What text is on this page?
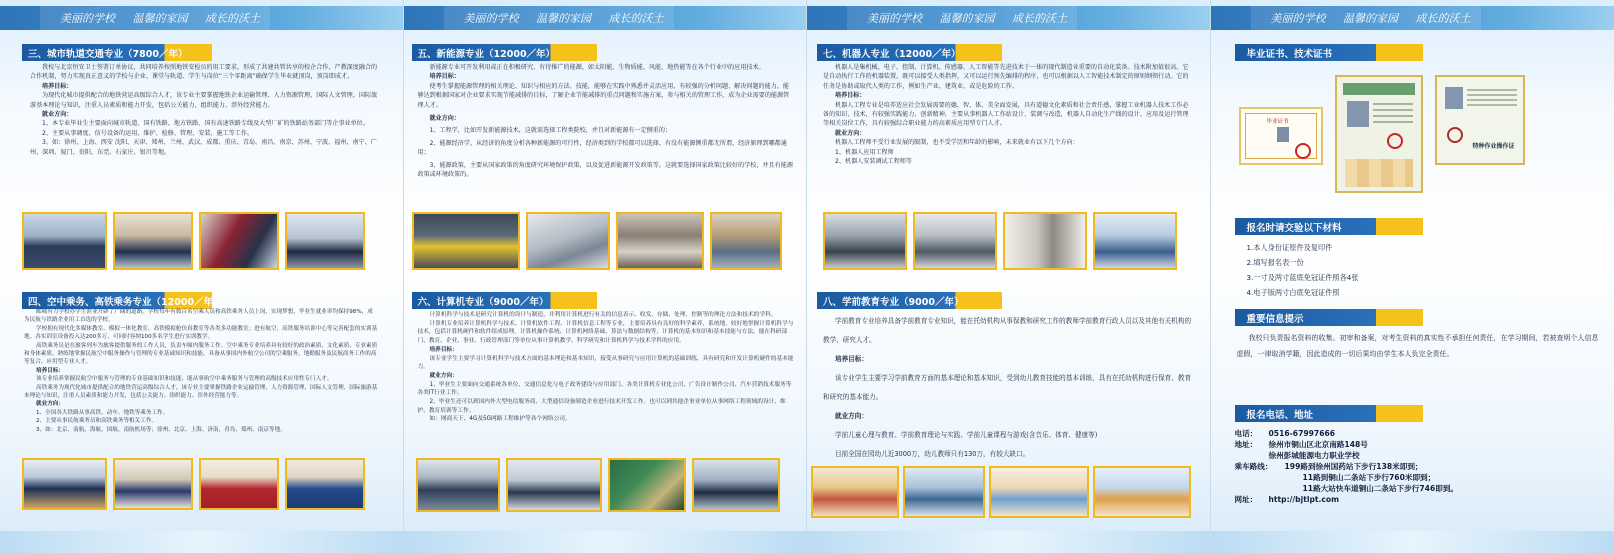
美丽的学校 温馨的家园 成长的沃土
三、城市轨道交通专业（7800／年）

我校与北京恒安卫士签署订单协议，共同培养按照地铁安检员的用工要求，形成了共建共管共享的校企合作，产教深度融合的合作机制，努力实现真正意义的学校与企业、课堂与轨道、学生与岗位“三个零距离”确保学生毕业就顶岗，顶岗即成才。

培养目标：

为现代化城市提供配合的地铁营运高级综合人才，该专业主要掌握地铁企业运输管理、人力资源管理、国际人文管理、国际旅游基本理论与知识，注重人员素质和能力开发，包括公关能力、组织能力、涉外经营能力。

就业方向：

1、本专业毕业生主要面向城市轨道、国有铁路、地方铁路、国有高速铁路专线及大型厂矿的铁路站务部门等企事业单位。

2、主要从事调度、信号设备的运用、维护、检修、管理、安装、施工等工作。

3、如：徐州、上海、西安 沈阳、天津、郑州、兰州、武汉、成都、重庆、青岛、南昌、南京、苏州、宁波、福州、南宁、广州、深圳、厦门、贵阳、东莞、石家庄、银川等地。

四、空中乘务、高铁乘务专业（12000／年）

邮城有力学校办学生涯业开辟了广阔的道路。学校每年有数百名空乘人员和高铁乘务人员上岗，实现梦想，毕业生就业率均保持98%，成为民航与铁路企业用工首选的学校。

学校拥有现代化多媒体教室、模拟一体化教室、高铁模拟舱仿真教室等各类多功能教室；进有航空、高铁服务培训中心等完善配套的实训基地。各实训室设备投入达200多万，可同时容纳100多名学生进行实训教学。

高铁乘务员是在旅客列车为旅客提供服务的工作人员，负责车厢内服务工作。空中乘务专业培养具有较好的政治素质、文化素质、专业素质和身体素质，熟练地掌握民航空中服务操作与管理的专业基础知识和技能，具备从事国内外航空公司的空乘服务、地勤服务及民航商务工作的高等复合、应用型专业人才。

培养目标：

该专业培养掌握民航空中服务与管理的专业基础知识和技能，能从事航空中乘务服务与管理的高级技术应用性专门人才。

高铁乘务为现代化城市提供配合的地铁营运高级综合人才，该专业主要掌握铁路企业运输管理、人力资源管理、国际人文管理、国际旅游基本理论与知识，注重人员素质和能力开发，包括公关能力、组织能力、涉外经营能力等。

就业方向：

1、全国各大铁路从事高铁、动车、地铁等乘务工作。

2、主要从事民航乘务员和高铁乘务等相关工作。

3、如：北京、南航、海航、国航、南航机场等；徐州、北京、上海、济南、青岛、郑州、南京等地。

美丽的学校 温馨的家园 成长的沃土
五、新能源专业（12000／年）

新能源专业可开发利用或正在积极研究、有待推广的能源，如太阳能、生物质能、风能、地热能等在各个行业中的应用技术。

培养目标：

使考生掌握能源管理的相关理论、知识与相应的方法、技能，能够在实践中熟悉并灵活应用，有较强的分析问题、解决问题的能力，能够达到根据国家对企业要求实现节能减排的目标，了解企业节能减排的重点问题和实施方案，参与相关的管理工作，成为企业需要的能源管理人才。

就业方向：

1、工程学，比如开发新能源技术，这就需选择工程类院校，并且对新能源有一定侧重的；

2、能源经济学，从经济的角度分析各种新能源的可行性，经济类到的学校都可以选择，有没有能源侧重都无所谓，经济原理到哪都通用；

3、能源政策，主要从国家政策的角度研究环境保护政策，以及促进新能源开发政策等，这就要选择国家政策比较好的学校，并且有能源政策或环境政策的。

六、计算机专业（9000／年）

计算机科学与技术是研究计算机的设计与制造，并利用计算机进行有关的信息表示、收发、存储、处理、控制等的理论方法和技术的学科。

计算机专业培养计算机科学与技术、计算机软件工程、计算机信息工程等专业，主要培养具有良好的科学素养，系统地、较好地掌握计算机科学与技术，包括计算机硬件和软件组成原理，计算机操作系统、计算机网络基础、算法与数据结构等，计算机的基本知识和基本技能与方法，能在科研部门、教育、企业、事业、行政管理部门等单位从事计算机教学、科学研究和计算机科学与技术学科的应用。

培养目标：

该专业学生主要学习计算机科学与技术方面的基本理论和基本知识，接受从事研究与应用计算机的基础训练，具有研究和开发计算机硬件的基本能力。

就业方向：

1、毕业生主要面向交通系统各单位、交通信息化与电子政务建设与应用部门、各类计算机专业化公司、广告设计制作公司、汽车营销技术服务等各类IT行业工作。

2、毕业生还可以到国内外大型电信服务商、大型通信设备制造企业进行技术开发工作。也可以到其他企事业单位从事网络工程领域的设计、维护、教育培训等工作。

如：网商天下、4G及5G网路工程维护等各个网络公司。

美丽的学校 温馨的家园 成长的沃土
七、机器人专业（12000／年）

机器人是集机械、电子、控制、计算机、传感器、人工智能等先进技术于一体的现代制造业重要的自动化装备。技术附加值很高。它是自动执行工作的机器装置，既可以接受人类指挥，又可以运行预先编排的程序，也可以根据以人工智能技术制定的原则纲领行动。它的任务是协助或取代人类的工作，例如生产业、建筑业，或是危险的工作。

培养目标：

机器人工程专业是培养适应社会发展需要的德、智、体、美全面发展，具有道德文化素质和社会责任感，掌握工业机器人技术工作必备的知识、技术，有较强实践能力、创新精神，主要从事机器人工作站设计、装调与改造，机器人自动化生产线的设计、应用及运行管理等相关岗位工作，具有较强综合职业能力的高素质应用型专门人才。

就业方向：

机器人工程师不受行业发展的限制，也不受学历和年龄的影响，未来就业有以下几个方向：

1、机器人应用工程师

2、机器人安装调试工程师等

八、学前教育专业（9000／年）

学前教育专业培养具备学前教育专业知识，能在托幼机构从事保教和研究工作的教师学前教育行政人员以及其他有关机构的教学、研究人才。

培养目标：

该专业学生主要学习学前教育方面的基本理论和基本知识，受到幼儿教育技能的基本训练，具有在托幼机构进行保育、教育和研究的基本能力。

就业方向：

学前儿童心理与教育、学前教育理论与实践、学前儿童课程与游戏(含音乐、体育、健康等)

目前全国在园幼儿近3000万，幼儿教师只有130万，有较大缺口。

美丽的学校 温馨的家园 成长的沃土
毕业证书、技术证书
毕业证书
特种作业操作证
报名时请交验以下材料
1.本人身份证原件及复印件
2.填写报名表一份
3.一寸及两寸蓝底免冠证件照各4张
4.电子版两寸白底免冠证件照
重要信息提示

我校只负责报名资料的收集、初审和备案，对考生资料的真实性不承担任何责任，在学习期间，若被查明个人信息虚假，一律取消学籍，因此造成的一切后果均由学生本人负完全责任。

报名电话、地址
电话：	0516-67997666
地址：	徐州市铜山区北京南路148号
徐州彭城能源电力职业学校
乘车路线：	199路到徐州国药站下步行138米即到；
11路到铜山二条站下步行760米即到；
11路大站快车道铜山二条站下步行746即到。
网址：	http://bjtlpt.com
